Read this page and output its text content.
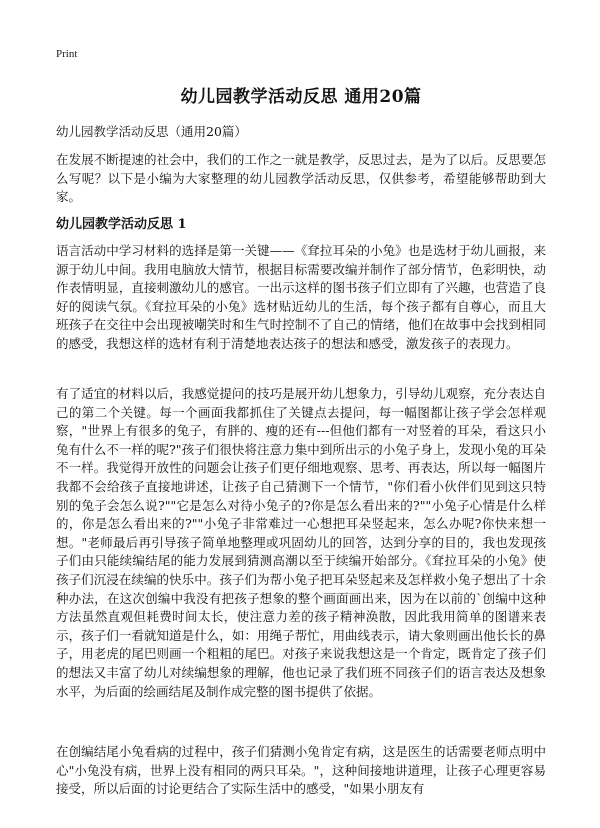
Print
幼儿园教学活动反思 通用20篇

幼儿园教学活动反思（通用20篇）

在发展不断提速的社会中，我们的工作之一就是教学，反思过去，是为了以后。反思要怎么写呢？以下是小编为大家整理的幼儿园教学活动反思，仅供参考，希望能够帮助到大家。

幼儿园教学活动反思 1

语言活动中学习材料的选择是第一关键——《耷拉耳朵的小兔》也是选材于幼儿画报，来源于幼儿中间。我用电脑放大情节，根据目标需要改编并制作了部分情节，色彩明快，动作表情明显，直接刺激幼儿的感官。一出示这样的图书孩子们立即有了兴趣，也营造了良好的阅读气氛。《耷拉耳朵的小兔》选材贴近幼儿的生活，每个孩子都有自尊心，而且大班孩子在交往中会出现被嘲笑时和生气时控制不了自己的情绪，他们在故事中会找到相同的感受，我想这样的选材有利于清楚地表达孩子的想法和感受，激发孩子的表现力。

有了适宜的材料以后，我感觉提问的技巧是展开幼儿想象力，引导幼儿观察，充分表达自己的第二个关键。每一个画面我都抓住了关键点去提问，每一幅图都让孩子学会怎样观察，"世界上有很多的兔子，有胖的、瘦的还有---但他们都有一对竖着的耳朵，看这只小兔有什么不一样的呢?"孩子们很快将注意力集中到所出示的小兔子身上，发现小兔的耳朵不一样。我觉得开放性的问题会让孩子们更仔细地观察、思考、再表达，所以每一幅图片我都不会给孩子直接地讲述，让孩子自己猜测下一个情节，"你们看小伙伴们见到这只特别的兔子会怎么说?""它是怎么对待小兔子的?你是怎么看出来的?""小兔子心情是什么样的，你是怎么看出来的?""小兔子非常难过一心想把耳朵竖起来，怎么办呢?你快来想一想。"老师最后再引导孩子简单地整理或巩固幼儿的回答，达到分享的目的，我也发现孩子们由只能续编结尾的能力发展到猜测高潮以至于续编开始部分。《耷拉耳朵的小兔》使孩子们沉浸在续编的快乐中。孩子们为帮小兔子把耳朵竖起来及怎样救小兔子想出了十余种办法，在这次创编中我没有把孩子想象的整个画面画出来，因为在以前的`创编中这种方法虽然直观但耗费时间太长，使注意力差的孩子精神涣散，因此我用简单的图谱来表示，孩子们一看就知道是什么，如：用绳子帮忙，用曲线表示，请大象则画出他长长的鼻子，用老虎的尾巴则画一个粗粗的尾巴。对孩子来说我想这是一个肯定，既肯定了孩子们的想法又丰富了幼儿对续编想象的理解，他也记录了我们班不同孩子们的语言表达及想象水平，为后面的绘画结尾及制作成完整的图书提供了依据。

在创编结尾小兔看病的过程中，孩子们猜测小兔肯定有病，这是医生的话需要老师点明中心"小兔没有病，世界上没有相同的两只耳朵。"，这种间接地讲道理，让孩子心理更容易接受，所以后面的讨论更结合了实际生活中的感受，"如果小朋友有
